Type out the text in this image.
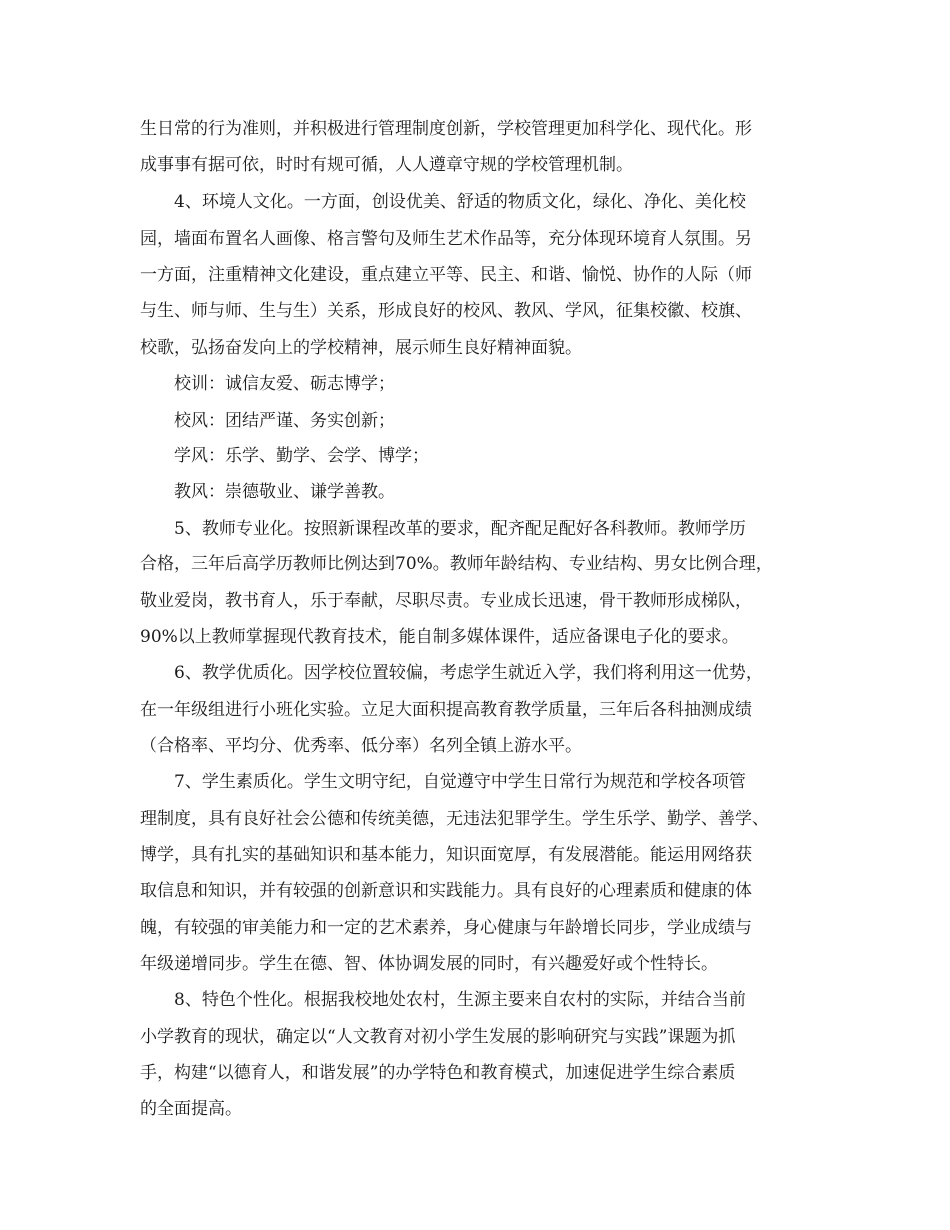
生日常的行为准则，并积极进行管理制度创新，学校管理更加科学化、现代化。形
成事事有据可依，时时有规可循，人人遵章守规的学校管理机制。
4、环境人文化。一方面，创设优美、舒适的物质文化，绿化、净化、美化校
园，墙面布置名人画像、格言警句及师生艺术作品等，充分体现环境育人氛围。另
一方面，注重精神文化建设，重点建立平等、民主、和谐、愉悦、协作的人际（师
与生、师与师、生与生）关系，形成良好的校风、教风、学风，征集校徽、校旗、
校歌，弘扬奋发向上的学校精神，展示师生良好精神面貌。
校训：诚信友爱、砺志博学；
校风：团结严谨、务实创新；
学风：乐学、勤学、会学、博学；
教风：崇德敬业、谦学善教。
5、教师专业化。按照新课程改革的要求，配齐配足配好各科教师。教师学历
合格，三年后高学历教师比例达到70%。教师年龄结构、专业结构、男女比例合理，
敬业爱岗，教书育人，乐于奉献，尽职尽责。专业成长迅速，骨干教师形成梯队，
90%以上教师掌握现代教育技术，能自制多媒体课件，适应备课电子化的要求。
6、教学优质化。因学校位置较偏，考虑学生就近入学，我们将利用这一优势，
在一年级组进行小班化实验。立足大面积提高教育教学质量，三年后各科抽测成绩
（合格率、平均分、优秀率、低分率）名列全镇上游水平。
7、学生素质化。学生文明守纪，自觉遵守中学生日常行为规范和学校各项管
理制度，具有良好社会公德和传统美德，无违法犯罪学生。学生乐学、勤学、善学、
博学，具有扎实的基础知识和基本能力，知识面宽厚，有发展潜能。能运用网络获
取信息和知识，并有较强的创新意识和实践能力。具有良好的心理素质和健康的体
魄，有较强的审美能力和一定的艺术素养，身心健康与年龄增长同步，学业成绩与
年级递增同步。学生在德、智、体协调发展的同时，有兴趣爱好或个性特长。
8、特色个性化。根据我校地处农村，生源主要来自农村的实际，并结合当前
小学教育的现状，确定以“人文教育对初小学生发展的影响研究与实践”课题为抓
手，构建“以德育人，和谐发展”的办学特色和教育模式，加速促进学生综合素质
的全面提高。
